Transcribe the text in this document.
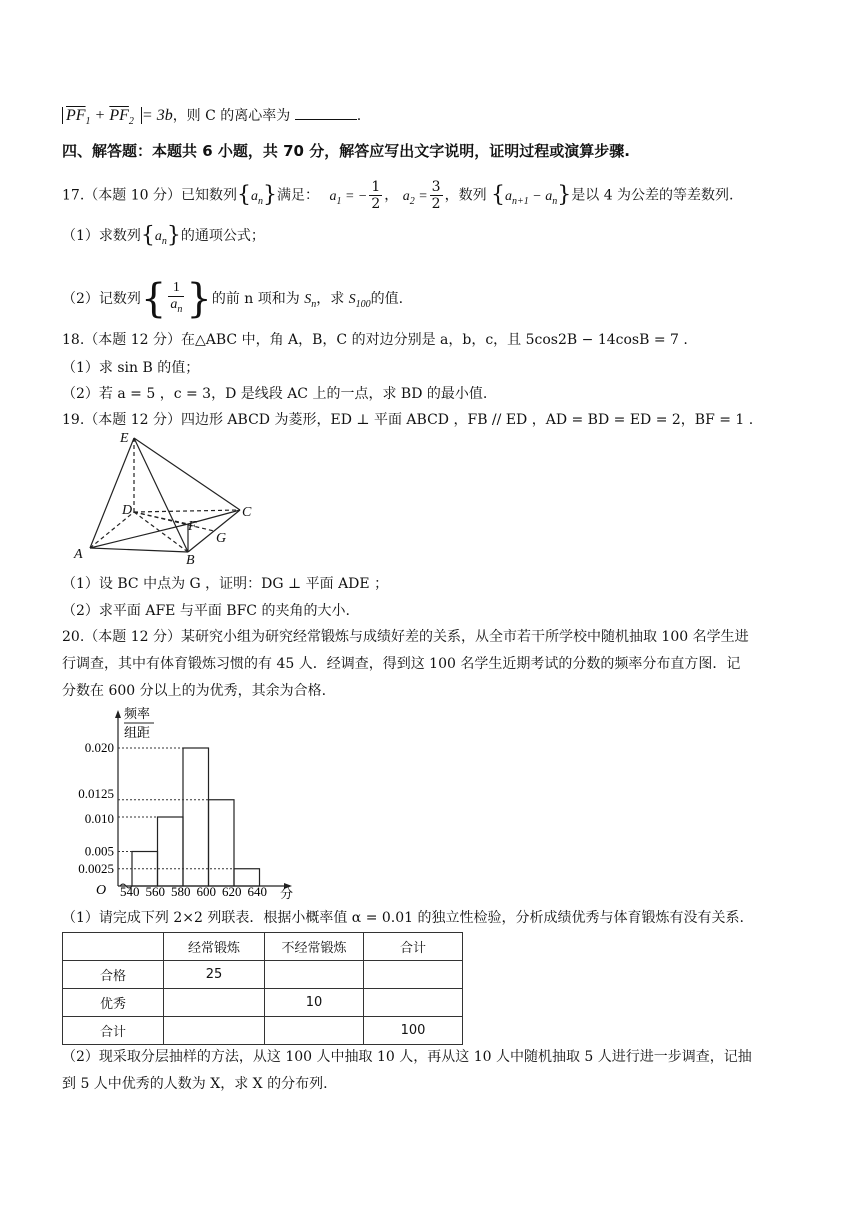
$\overline{PF}_1 + \overline{PF}_2 = 3b$，则 C 的离心率为	.
四、解答题：本题共 6 小题，共 70 分，解答应写出文字说明，证明过程或演算步骤.
17.（本题 10 分）已知数列$\{a_n\}$满足： $a_1$ = − $\frac{1}{2}$ ， $a_2 = \frac{3}{2}$ ，数列 $\{a_{n+1} - a_n\}$是以 4 为公差的等差数列.
（1）求数列$\{a_n\}$的通项公式；
（2）记数列{ $\frac{1}{a_n}$ }的前 n 项和为 $S_n$，求 $S_{100}$的值.
18.（本题 12 分）在△ABC 中，角 A，B，C 的对边分别是 a，b，c，且 5cos2B − 14cosB = 7 .
（1）求 sin B 的值；
（2）若 a = 5 ，c = 3，D 是线段 AC 上的一点，求 BD 的最小值.
19.（本题 12 分）四边形 ABCD 为菱形，ED ⊥ 平面 ABCD ，FB // ED ，AD = BD = ED = 2，BF = 1 .
E
D
F
C
G
A	B
（1）设 BC 中点为 G ，证明：DG ⊥ 平面 ADE ；
（2）求平面 AFE 与平面 BFC 的夹角的大小.
20.（本题 12 分）某研究小组为研究经常锻炼与成绩好差的关系，从全市若干所学校中随机抽取 100 名学生进
行调查，其中有体育锻炼习惯的有 45 人．经调查，得到这 100 名学生近期考试的分数的频率分布直方图．记
分数在 600 分以上的为优秀，其余为合格.
频率
组距
0.020
0.0125
0.010
0.005
0.0025
540 560 580 600 620 640
O	分
（1）请完成下列 2×2 列联表．根据小概率值 α = 0.01 的独立性检验，分析成绩优秀与体育锻炼有没有关系.
	经常锻炼	不经常锻炼	合计
合格	25		
优秀		10	
合计			100
（2）现采取分层抽样的方法，从这 100 人中抽取 10 人，再从这 10 人中随机抽取 5 人进行进一步调查，记抽
到 5 人中优秀的人数为 X，求 X 的分布列.
